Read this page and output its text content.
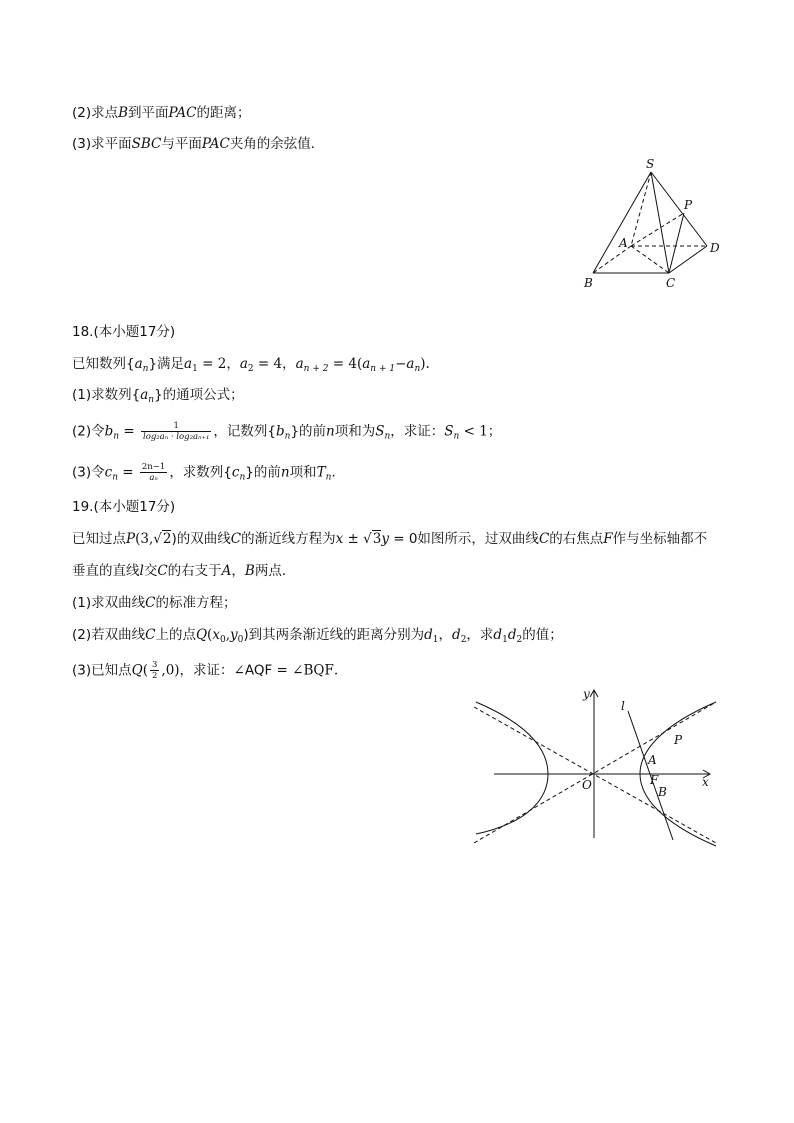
(2)求点B到平面PAC的距离；
(3)求平面SBC与平面PAC夹角的余弦值．
S
P
A	D
B	C
18.(本小题17分)
已知数列$\{a_n\}$满足$a_1 = 2$，$a_2 = 4$，$a_{n + 2} = 4(a_{n + 1}-a_n)$.
(1)求数列$\{a_n\}$的通项公式；
(2)令$b_n = \frac{1}{\text{log₂aₙ · log₂aₙ₊₁}}$ ，记数列$\{b_n\}$的前n项和为$S_n$，求证：$S_n < 1$；
(3)令$c_n = \frac{2n-1}{\text{aₙ}}$ ，求数列$\{c_n\}$的前n项和$T_n$.
19.(本小题17分)
已知过点P(3,√2)的双曲线C的渐近线方程为x ± √3y = 0如图所示，过双曲线C的右焦点F作与坐标轴都不
垂直的直线l交C的右支于A，B两点．
(1)求双曲线C的标准方程；
(2)若双曲线C上的点$Q(x_0,y_0)$到其两条渐近线的距离分别为$d_1$，$d_2$，求$d_1d_2$的值；
(3)已知点$Q( \frac{3}{2} ,0)$，求证：∠AQF = ∠BQF.
y
l
P
A
O	F
B
x
